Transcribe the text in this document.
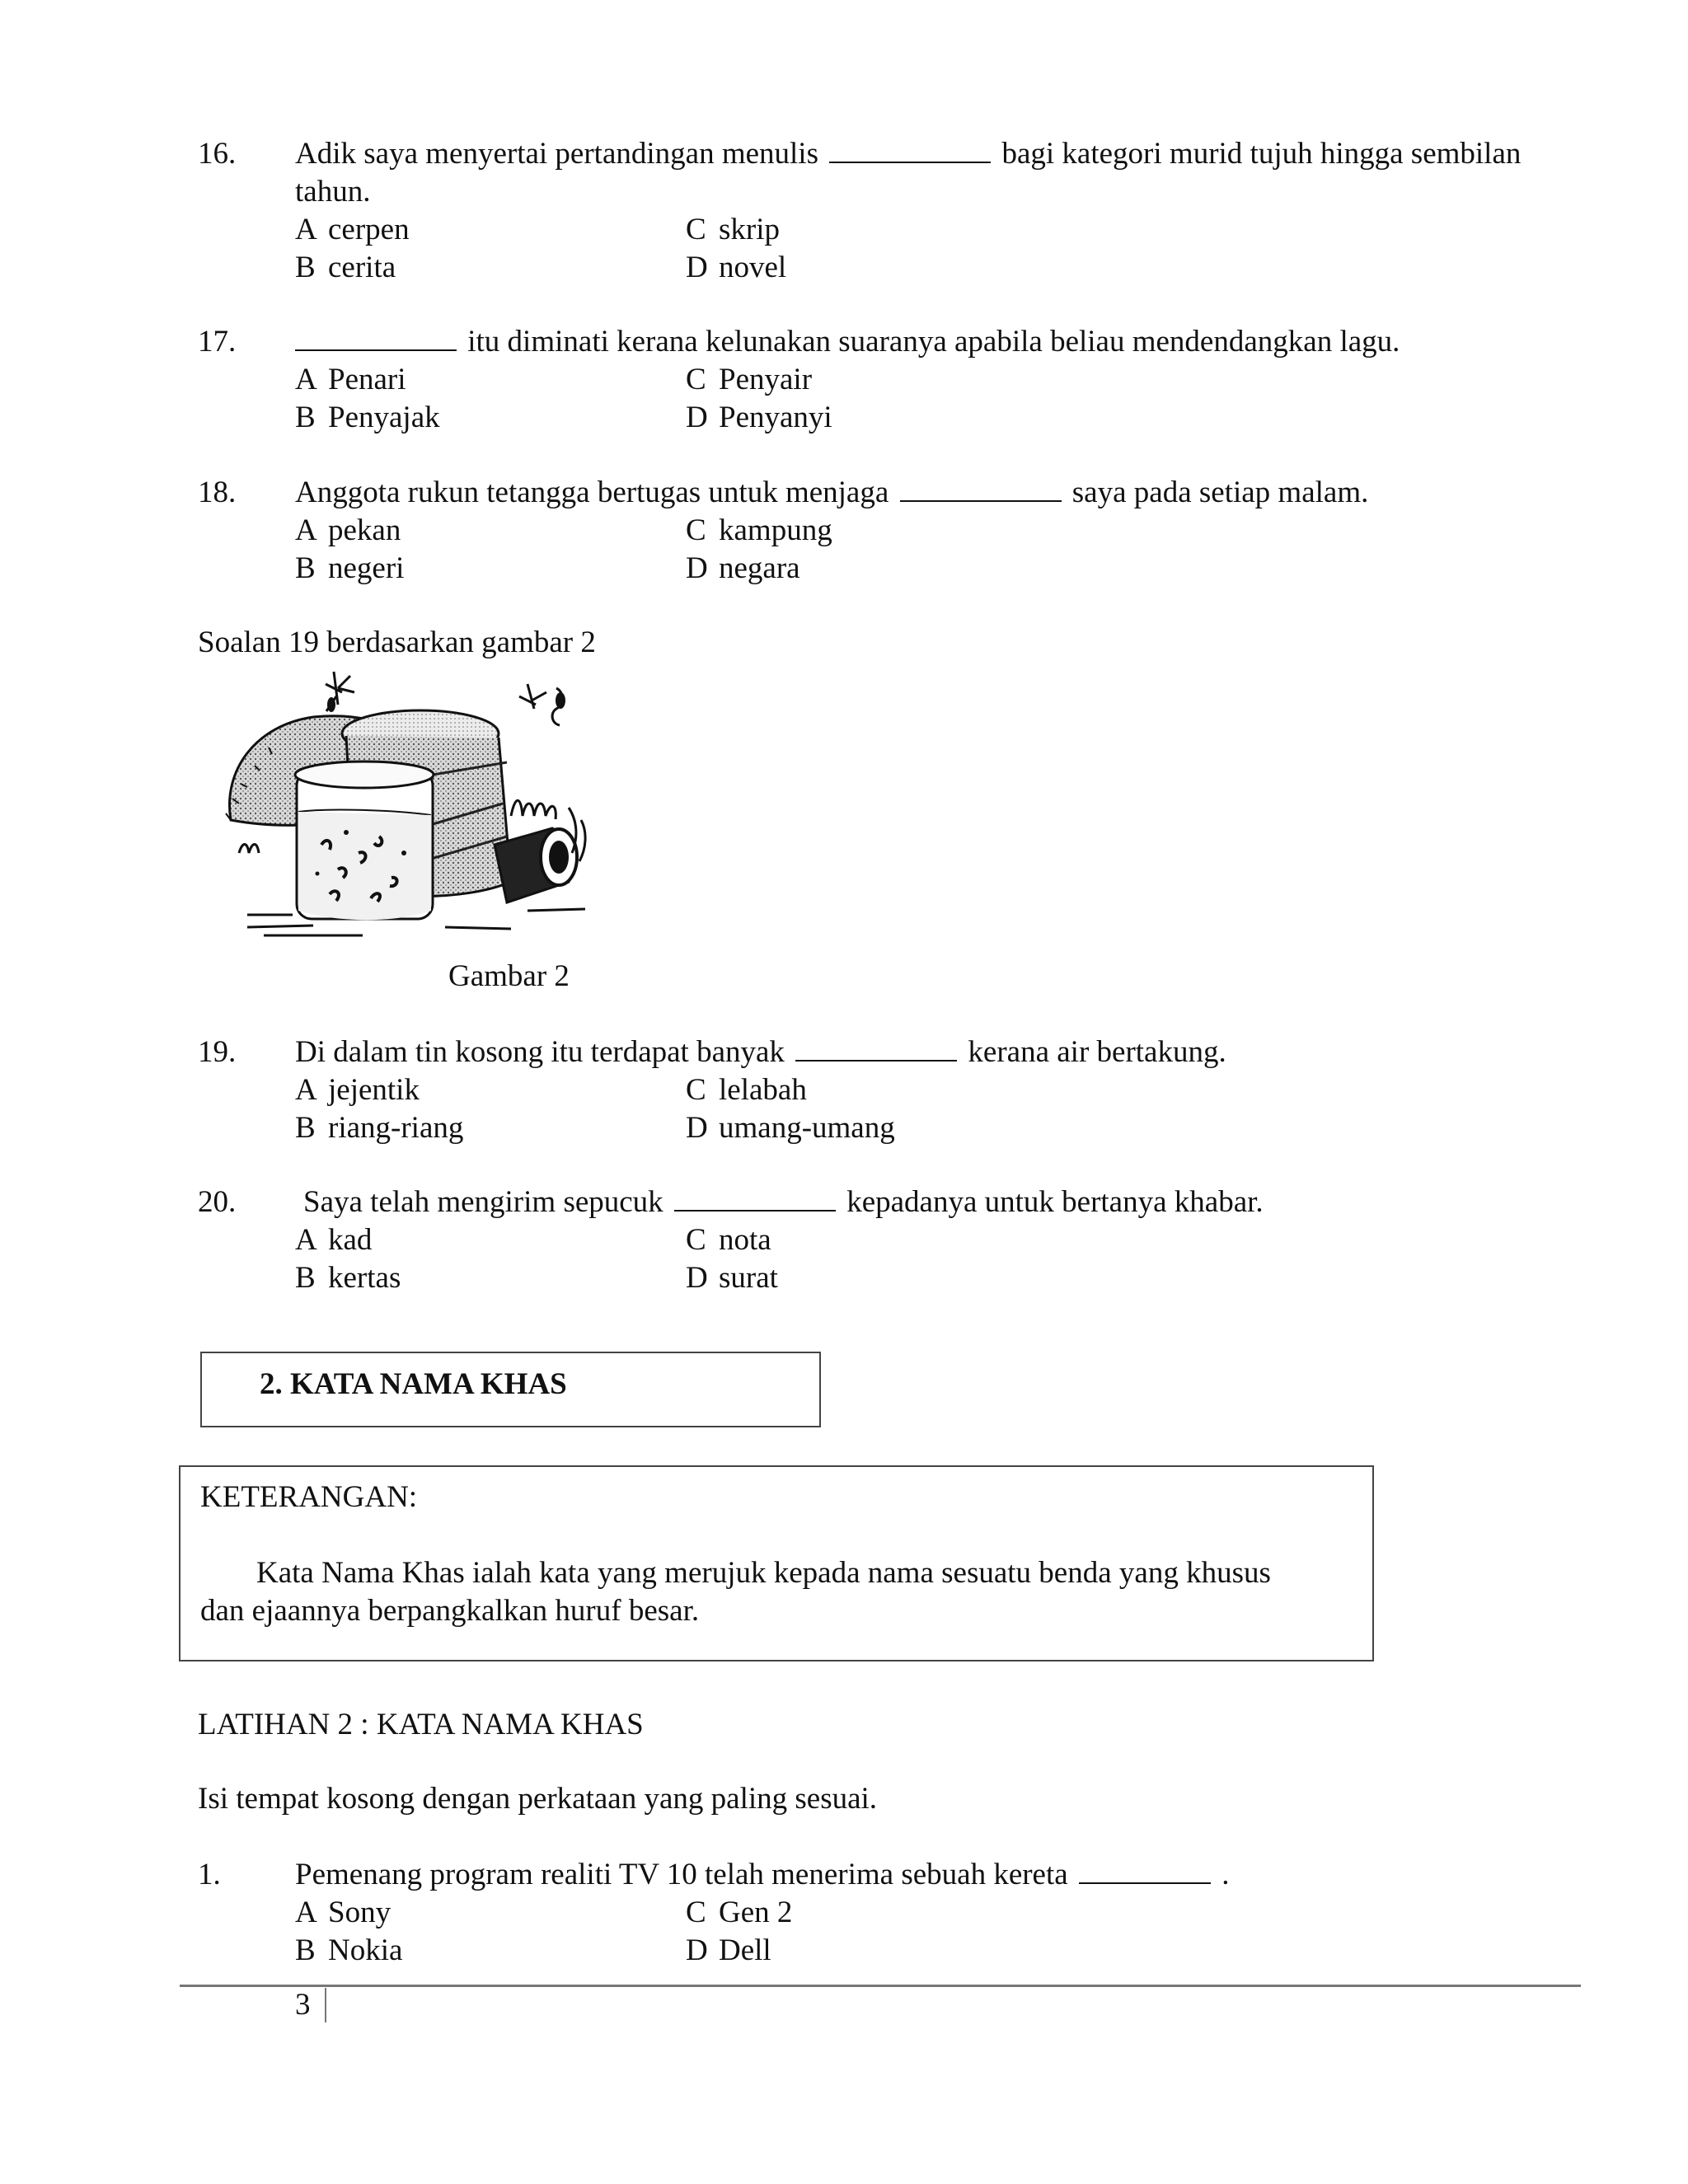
16. Adik saya menyertai pertandingan menulis	bagi kategori murid tujuh hingga sembilan tahun.
A cerpen
B cerita
C skrip
D novel
17.	itu diminati kerana kelunakan suaranya apabila beliau mendendangkan lagu.
A Penari
B Penyajak
C Penyair
D Penyanyi
18. Anggota rukun tetangga bertugas untuk menjaga	saya pada setiap malam.
A pekan
B negeri
C kampung
D negara
Soalan 19 berdasarkan gambar 2
Gambar 2
19. Di dalam tin kosong itu terdapat banyak	kerana air bertakung.
A jejentik
B riang-riang
C lelabah
D umang-umang
20. Saya telah mengirim sepucuk	kepadanya untuk bertanya khabar.
A kad
B kertas
C nota
D surat
2. KATA NAMA KHAS
KETERANGAN:
Kata Nama Khas ialah kata yang merujuk kepada nama sesuatu benda yang khusus
dan ejaannya berpangkalkan huruf besar.
LATIHAN 2 : KATA NAMA KHAS
Isi tempat kosong dengan perkataan yang paling sesuai.
1. Pemenang program realiti TV 10 telah menerima sebuah kereta	.
A Sony
B Nokia
C Gen 2
D Dell
3
